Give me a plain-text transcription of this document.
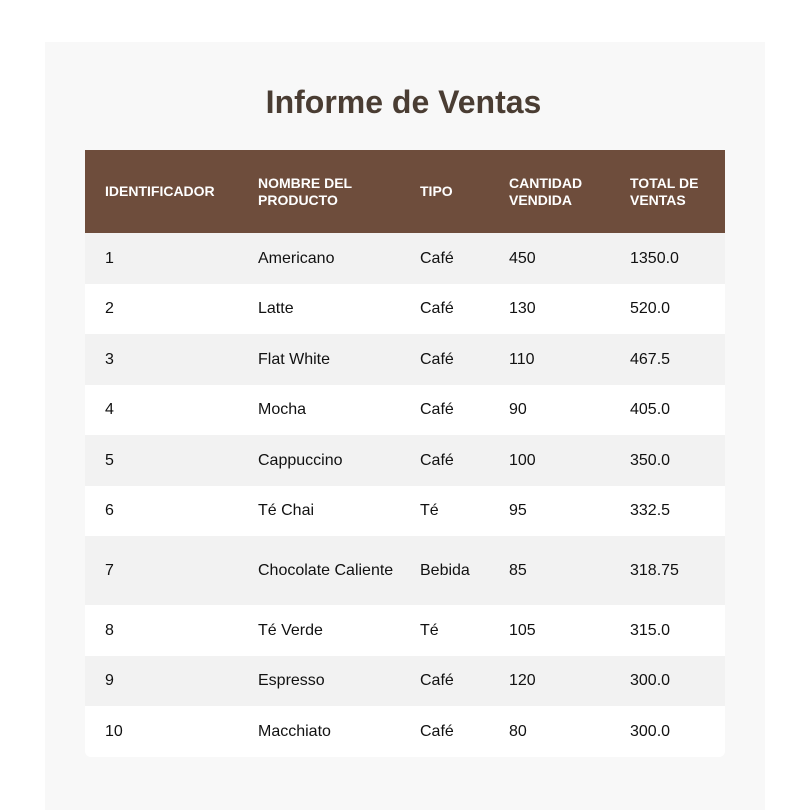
Informe de Ventas
IDENTIFICADOR	NOMBRE DEL PRODUCTO	TIPO	CANTIDAD VENDIDA	TOTAL DE VENTAS
1	Americano	Café	450	1350.0
2	Latte	Café	130	520.0
3	Flat White	Café	110	467.5
4	Mocha	Café	90	405.0
5	Cappuccino	Café	100	350.0
6	Té Chai	Té	95	332.5
7	Chocolate Caliente	Bebida	85	318.75
8	Té Verde	Té	105	315.0
9	Espresso	Café	120	300.0
10	Macchiato	Café	80	300.0
